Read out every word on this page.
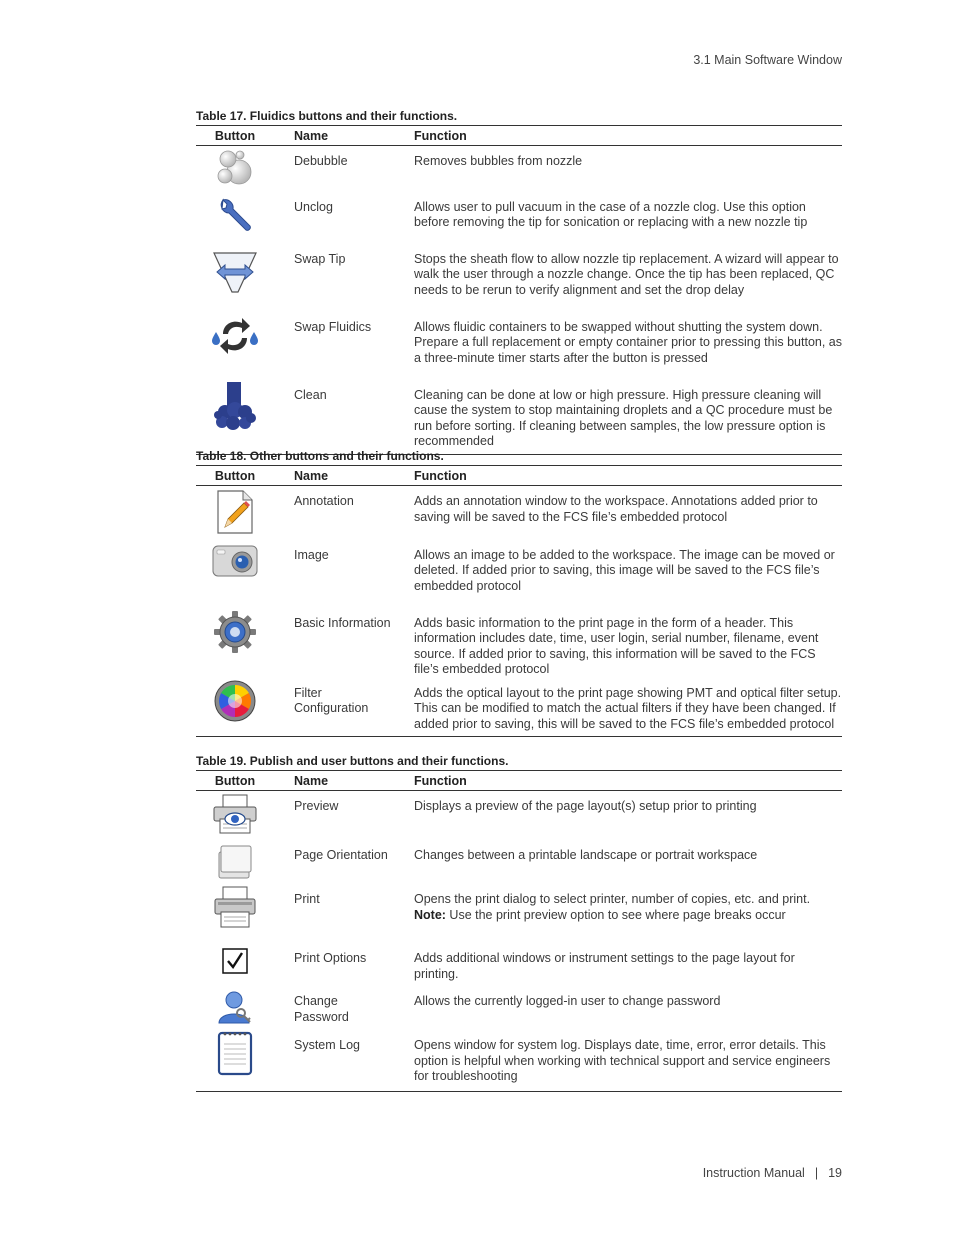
3.1 Main Software Window
Table 17. Fluidics buttons and their functions.
Button	Name	Function

	Debubble	Removes bubbles from nozzle

	Unclog	Allows user to pull vacuum in the case of a nozzle clog. Use this option before removing the tip for sonication or replacing with a new nozzle tip

	Swap Tip	Stops the sheath flow to allow nozzle tip replacement. A wizard will appear to walk the user through a nozzle change. Once the tip has been replaced, QC needs to be rerun to verify alignment and set the drop delay

	Swap Fluidics	Allows fluidic containers to be swapped without shutting the system down. Prepare a full replacement or empty container prior to pressing this button, as a three-minute timer starts after the button is pressed

	Clean	Cleaning can be done at low or high pressure. High pressure cleaning will cause the system to stop maintaining droplets and a QC procedure must be run before sorting. If cleaning between samples, the low pressure option is recommended
Table 18. Other buttons and their functions.
Button	Name	Function

	Annotation	Adds an annotation window to the workspace. Annotations added prior to saving will be saved to the FCS file’s embedded protocol

	Image	Allows an image to be added to the workspace. The image can be moved or deleted. If added prior to saving, this image will be saved to the FCS file’s embedded protocol

	Basic Information	Adds basic information to the print page in the form of a header. This information includes date, time, user login, serial number, filename, event source. If added prior to saving, this information will be saved to the FCS file’s embedded protocol

	Filter Configuration	Adds the optical layout to the print page showing PMT and optical filter setup. This can be modified to match the actual filters if they have been changed. If added prior to saving, this will be saved to the FCS file’s embedded protocol
Table 19. Publish and user buttons and their functions.
Button	Name	Function

	Preview	Displays a preview of the page layout(s) setup prior to printing

	Page Orientation	Changes between a printable landscape or portrait workspace

	Print	Opens the print dialog to select printer, number of copies, etc. and print.
Note: Use the print preview option to see where page breaks occur

	Print Options	Adds additional windows or instrument settings to the page layout for printing.

	Change Password	Allows the currently logged-in user to change password

	System Log	Opens window for system log. Displays date, time, error, error details. This option is helpful when working with technical support and service engineers for troubleshooting
Instruction Manual | 19
